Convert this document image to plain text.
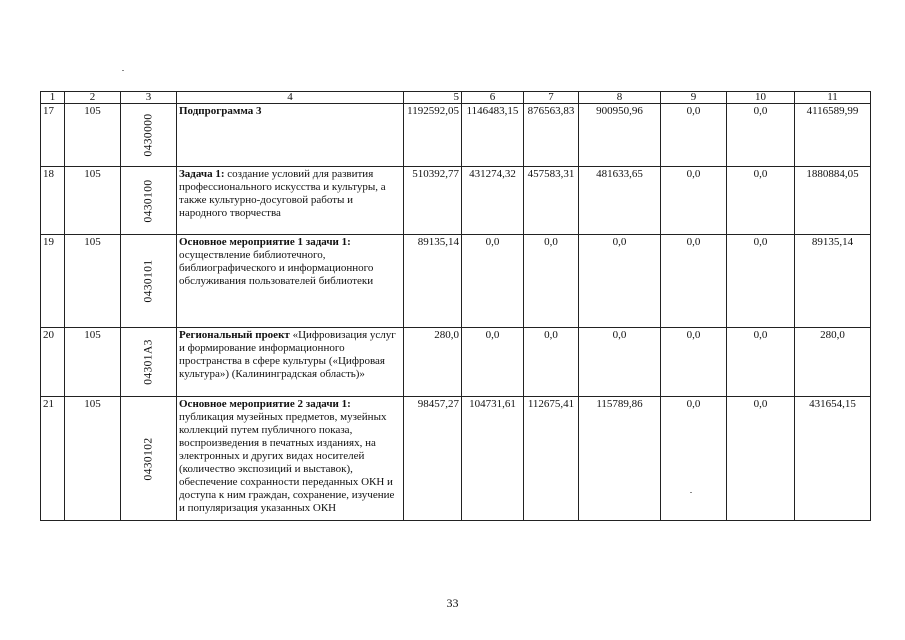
1	2	3	4	5	6	7	8	9	10	11
17	105	0430000	Подпрограмма 3	1192592,05	1146483,15	876563,83	900950,96	0,0	0,0	4116589,99
18	105	0430100	Задача 1: создание условий для развития профессионального искусства и культуры, а также культурно-досуговой работы и народного творчества	510392,77	431274,32	457583,31	481633,65	0,0	0,0	1880884,05
19	105	0430101	Основное мероприятие 1 задачи 1: осуществление библиотечного, библиографического и информационного обслуживания пользователей библиотеки	89135,14	0,0	0,0	0,0	0,0	0,0	89135,14
20	105	04301A3	Региональный проект «Цифровизация услуг и формирование информационного пространства в сфере культуры («Цифровая культура») (Калининградская область)»	280,0	0,0	0,0	0,0	0,0	0,0	280,0
21	105	0430102	Основное мероприятие 2 задачи 1: публикация музейных предметов, музейных коллекций путем публичного показа, воспроизведения в печатных изданиях, на электронных и других видах носителей (количество экспозиций и выставок), обеспечение сохранности переданных ОКН и доступа к ним граждан, сохранение, изучение и популяризация указанных ОКН	98457,27	104731,61	112675,41	115789,86	0,0	0,0	431654,15
33
